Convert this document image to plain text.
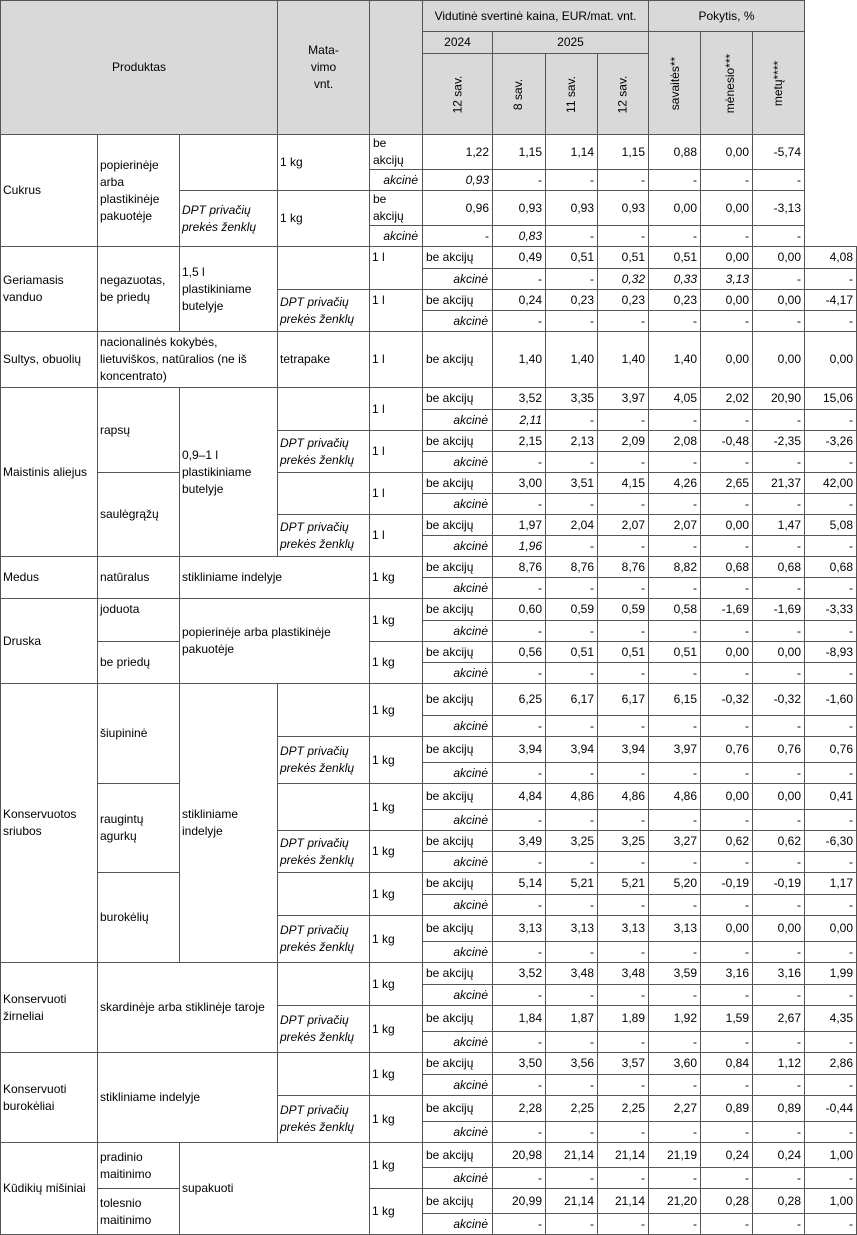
Produktas			Mata-
vimo
vnt.		Vidutinė svertinė kaina, EUR/mat. vnt.				Pokytis, %			
					2024	2025			savaitės**	mėnesio***	metų****	
					12 sav.	8 sav.	11 sav.	12 sav.				
Cukrus	popierinėje arba plastikinėje pakuotėje		1 kg	be akcijų	1,22	1,15	1,14	1,15	0,88	0,00	-5,74	
				akcinė	0,93	-	-	-	-	-	-	
		DPT privačių prekės ženklų	1 kg	be akcijų	0,96	0,93	0,93	0,93	0,00	0,00	-3,13	
				akcinė	-	0,83	-	-	-	-	-	
Geriamasis vanduo	negazuotas, be priedų	1,5 l plastikiniame butelyje		1 l	be akcijų	0,49	0,51	0,51	0,51	0,00	0,00	4,08
					akcinė	-	-	0,32	0,33	3,13	-	-
			DPT privačių prekės ženklų	1 l	be akcijų	0,24	0,23	0,23	0,23	0,00	0,00	-4,17
					akcinė	-	-	-	-	-	-	-
Sultys, obuolių	nacionalinės kokybės, lietuviškos, natūralios (ne iš koncentrato)		tetrapake	1 l	be akcijų	1,40	1,40	1,40	1,40	0,00	0,00	0,00
Maistinis aliejus	rapsų	0,9–1 l plastikiniame butelyje		1 l	be akcijų	3,52	3,35	3,97	4,05	2,02	20,90	15,06
					akcinė	2,11	-	-	-	-	-	-
			DPT privačių prekės ženklų	1 l	be akcijų	2,15	2,13	2,09	2,08	-0,48	-2,35	-3,26
					akcinė	-	-	-	-	-	-	-
	saulėgrąžų			1 l	be akcijų	3,00	3,51	4,15	4,26	2,65	21,37	42,00
					akcinė	-	-	-	-	-	-	-
			DPT privačių prekės ženklų	1 l	be akcijų	1,97	2,04	2,07	2,07	0,00	1,47	5,08
					akcinė	1,96	-	-	-	-	-	-
Medus	natūralus	stikliniame indelyje		1 kg	be akcijų	8,76	8,76	8,76	8,82	0,68	0,68	0,68
					akcinė	-	-	-	-	-	-	-
Druska	joduota	popierinėje arba plastikinėje pakuotėje		1 kg	be akcijų	0,60	0,59	0,59	0,58	-1,69	-1,69	-3,33
					akcinė	-	-	-	-	-	-	-
	be priedų			1 kg	be akcijų	0,56	0,51	0,51	0,51	0,00	0,00	-8,93
					akcinė	-	-	-	-	-	-	-
Konservuotos sriubos	šiupininė	stikliniame indelyje		1 kg	be akcijų	6,25	6,17	6,17	6,15	-0,32	-0,32	-1,60
					akcinė	-	-	-	-	-	-	-
			DPT privačių prekės ženklų	1 kg	be akcijų	3,94	3,94	3,94	3,97	0,76	0,76	0,76
					akcinė	-	-	-	-	-	-	-
	raugintų agurkų			1 kg	be akcijų	4,84	4,86	4,86	4,86	0,00	0,00	0,41
					akcinė	-	-	-	-	-	-	-
			DPT privačių prekės ženklų	1 kg	be akcijų	3,49	3,25	3,25	3,27	0,62	0,62	-6,30
					akcinė	-	-	-	-	-	-	-
	burokėlių			1 kg	be akcijų	5,14	5,21	5,21	5,20	-0,19	-0,19	1,17
					akcinė	-	-	-	-	-	-	-
			DPT privačių prekės ženklų	1 kg	be akcijų	3,13	3,13	3,13	3,13	0,00	0,00	0,00
					akcinė	-	-	-	-	-	-	-
Konservuoti žirneliai	skardinėje arba stiklinėje taroje			1 kg	be akcijų	3,52	3,48	3,48	3,59	3,16	3,16	1,99
					akcinė	-	-	-	-	-	-	-
			DPT privačių prekės ženklų	1 kg	be akcijų	1,84	1,87	1,89	1,92	1,59	2,67	4,35
					akcinė	-	-	-	-	-	-	-
Konservuoti burokėliai	stikliniame indelyje			1 kg	be akcijų	3,50	3,56	3,57	3,60	0,84	1,12	2,86
					akcinė	-	-	-	-	-	-	-
			DPT privačių prekės ženklų	1 kg	be akcijų	2,28	2,25	2,25	2,27	0,89	0,89	-0,44
					akcinė	-	-	-	-	-	-	-
Kūdikių mišiniai	pradinio maitinimo	supakuoti		1 kg	be akcijų	20,98	21,14	21,14	21,19	0,24	0,24	1,00
					akcinė	-	-	-	-	-	-	-
	tolesnio maitinimo			1 kg	be akcijų	20,99	21,14	21,14	21,20	0,28	0,28	1,00
					akcinė	-	-	-	-	-	-	-
